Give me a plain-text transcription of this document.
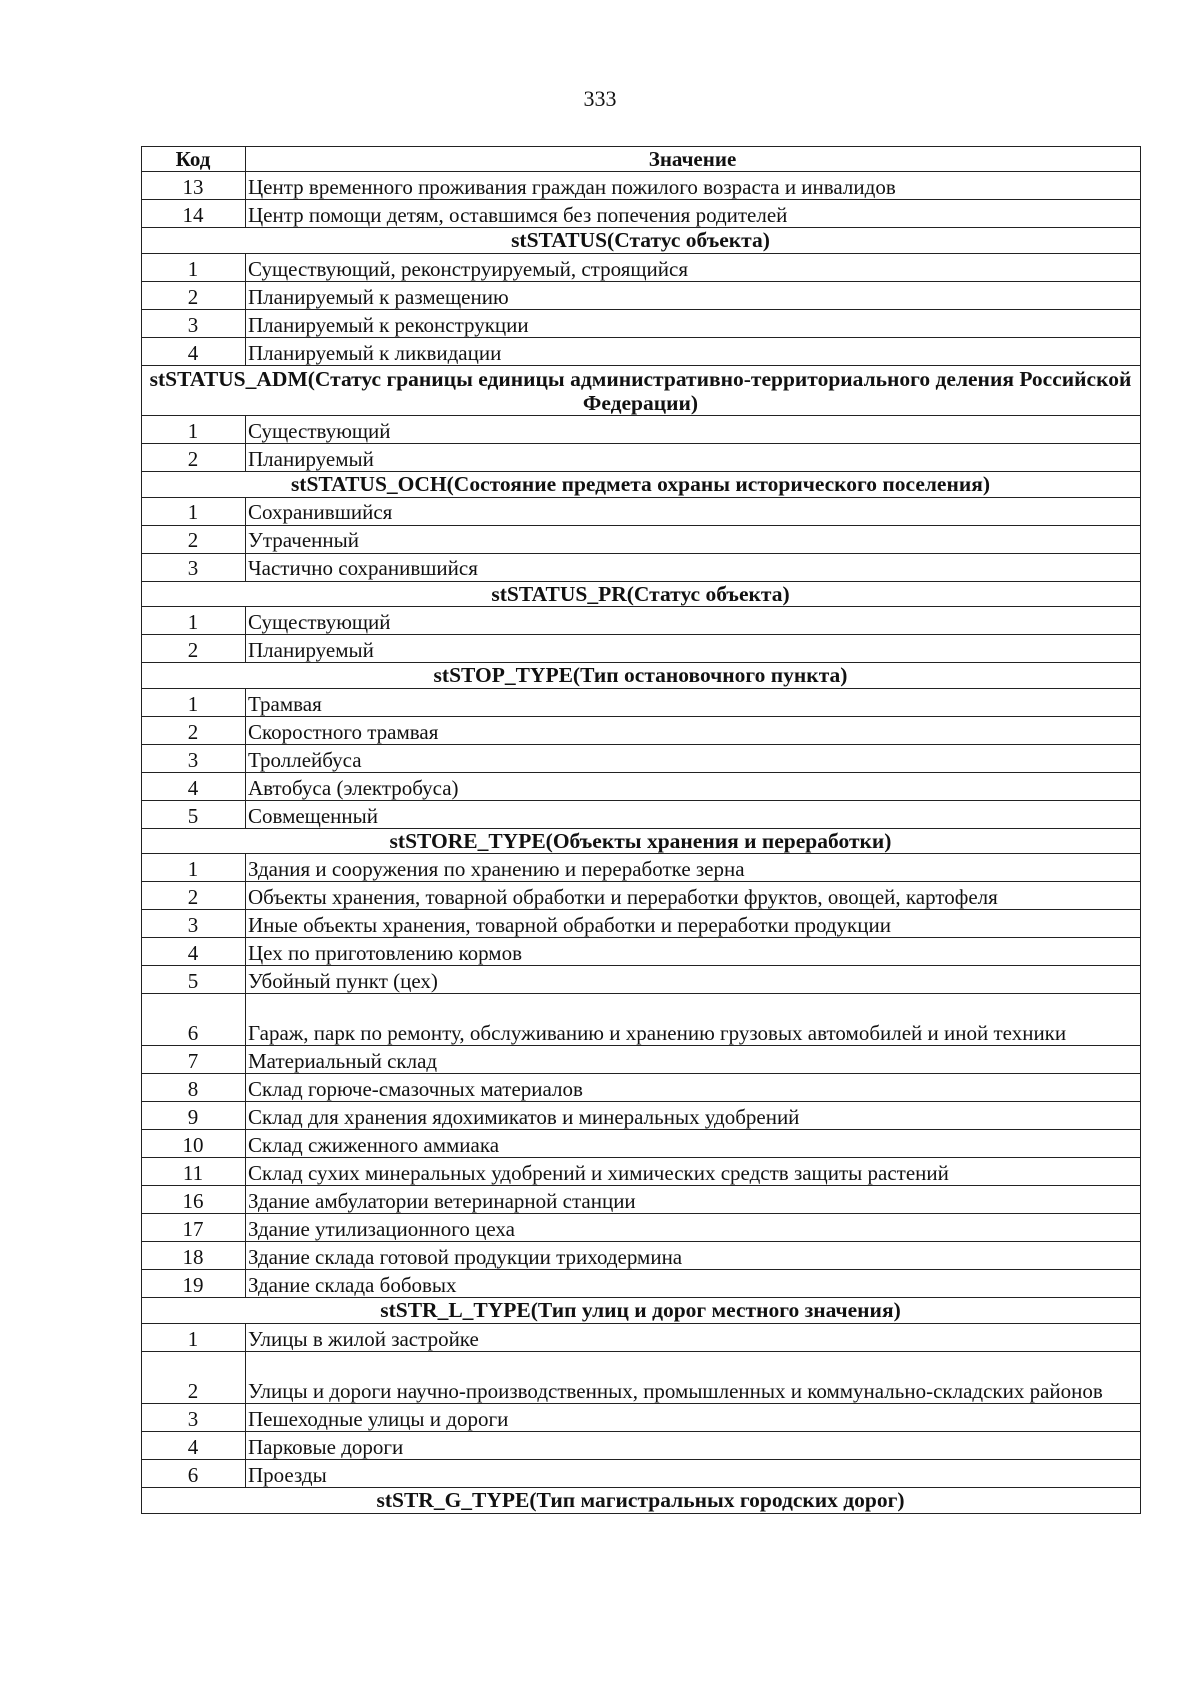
333
Код	Значение
13	Центр временного проживания граждан пожилого возраста и инвалидов
14	Центр помощи детям, оставшимся без попечения родителей
stSTATUS(Статус объекта)	
1	Существующий, реконструируемый, строящийся
2	Планируемый к размещению
3	Планируемый к реконструкции
4	Планируемый к ликвидации
stSTATUS_ADM(Статус границы единицы административно-территориального деления Российской Федерации)	
1	Существующий
2	Планируемый
stSTATUS_OCH(Состояние предмета охраны исторического поселения)	
1	Сохранившийся
2	Утраченный
3	Частично сохранившийся
stSTATUS_PR(Статус объекта)	
1	Существующий
2	Планируемый
stSTOP_TYPE(Тип остановочного пункта)	
1	Трамвая
2	Скоростного трамвая
3	Троллейбуса
4	Автобуса (электробуса)
5	Совмещенный
stSTORE_TYPE(Объекты хранения и переработки)	
1	Здания и сооружения по хранению и переработке зерна
2	Объекты хранения, товарной обработки и переработки фруктов, овощей, картофеля
3	Иные объекты хранения, товарной обработки и переработки продукции
4	Цех по приготовлению кормов
5	Убойный пункт (цех)
6	Гараж, парк по ремонту, обслуживанию и хранению грузовых автомобилей и иной техники
7	Материальный склад
8	Склад горюче-смазочных материалов
9	Склад для хранения ядохимикатов и минеральных удобрений
10	Склад сжиженного аммиака
11	Склад сухих минеральных удобрений и химических средств защиты растений
16	Здание амбулатории ветеринарной станции
17	Здание утилизационного цеха
18	Здание склада готовой продукции триходермина
19	Здание склада бобовых
stSTR_L_TYPE(Тип улиц и дорог местного значения)	
1	Улицы в жилой застройке
2	Улицы и дороги научно-производственных, промышленных и коммунально-складских районов
3	Пешеходные улицы и дороги
4	Парковые дороги
6	Проезды
stSTR_G_TYPE(Тип магистральных городских дорог)	
